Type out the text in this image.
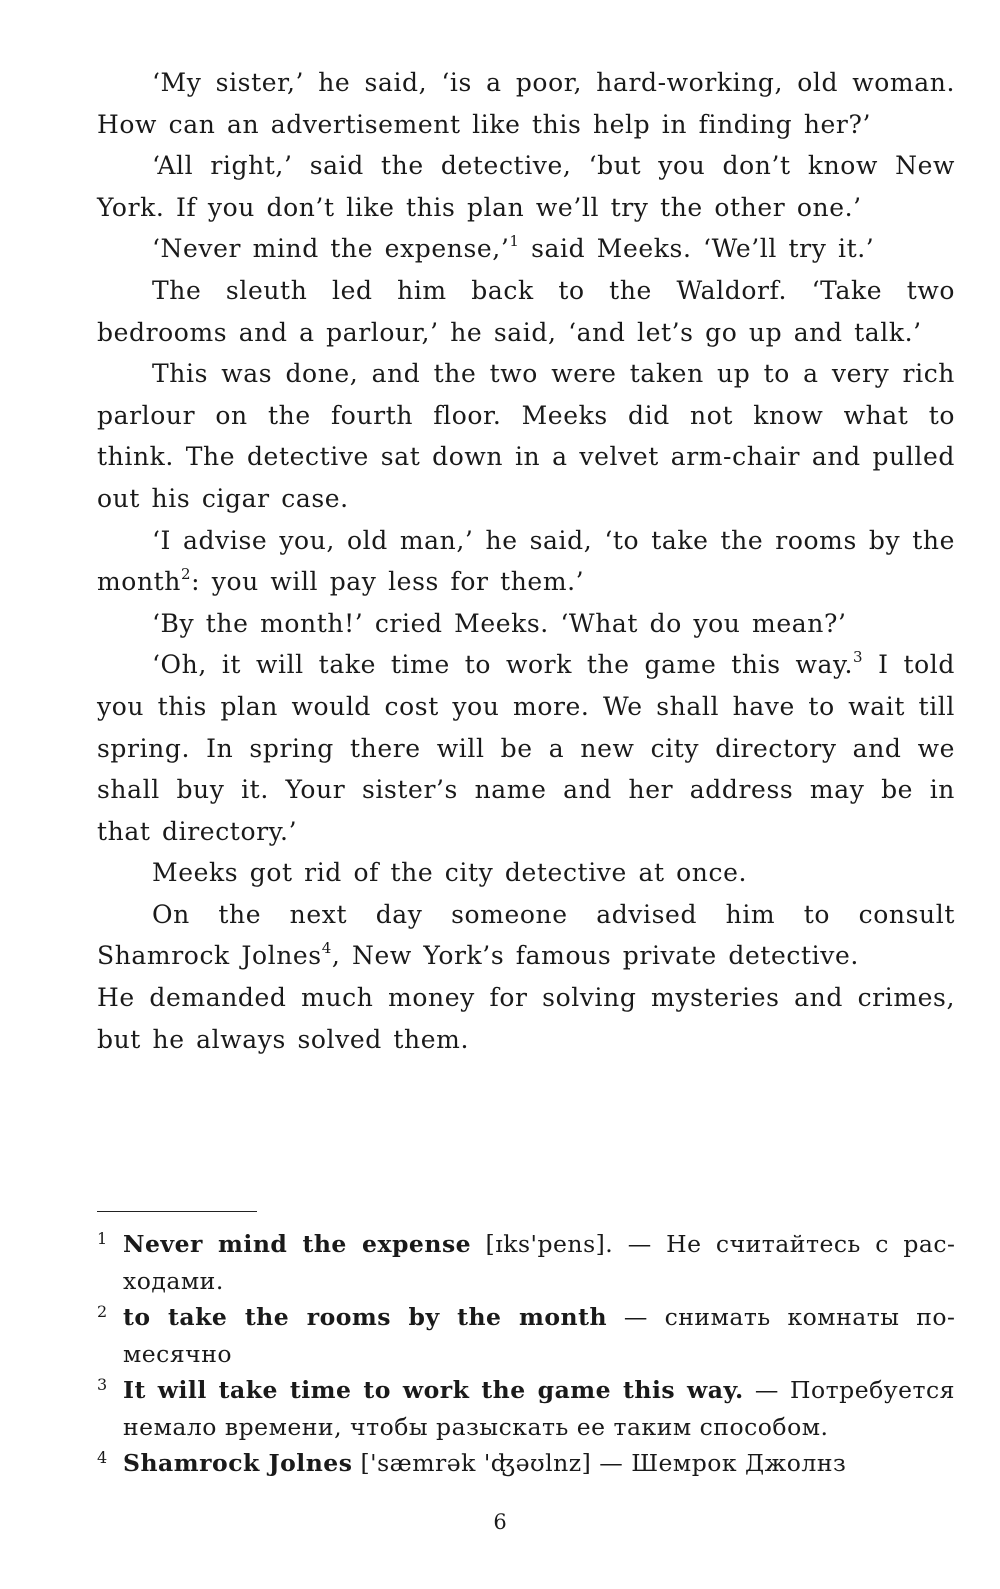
‘My sister,’ he said, ‘is a poor, hard-working, old woman. How can an advertisement like this help in finding her?’

‘All right,’ said the detective, ‘but you don’t know New York. If you don’t like this plan we’ll try the other one.’

‘Never mind the expense,’$^1$ said Meeks. ‘We’ll try it.’

The sleuth led him back to the Waldorf. ‘Take two bedrooms and a parlour,’ he said, ‘and let’s go up and talk.’

This was done, and the two were taken up to a very rich parlour on the fourth floor. Meeks did not know what to think. The detective sat down in a velvet arm-chair and pulled out his cigar case.

‘I advise you, old man,’ he said, ‘to take the rooms by the month$^2$: you will pay less for them.’

‘By the month!’ cried Meeks. ‘What do you mean?’

‘Oh, it will take time to work the game this way.$^3$ I told you this plan would cost you more. We shall have to wait till spring. In spring there will be a new city directory and we shall buy it. Your sister’s name and her address may be in that directory.’

Meeks got rid of the city detective at once.

On the next day someone advised him to consult Shamrock Jolnes$^4$, New York’s famous private detective.

He demanded much money for solving mysteries and crimes, but he always solved them.

1 Never mind the expense [ɪks'pens]. — Не считайтесь с расходами.
2 to take the rooms by the month — снимать комнаты помесячно
3 It will take time to work the game this way. — Потребуется немало времени, чтобы разыскать ее таким способом.
4 Shamrock Jolnes ['sæmrək 'ʤəʊlnz] — Шемрок Джолнз
6
